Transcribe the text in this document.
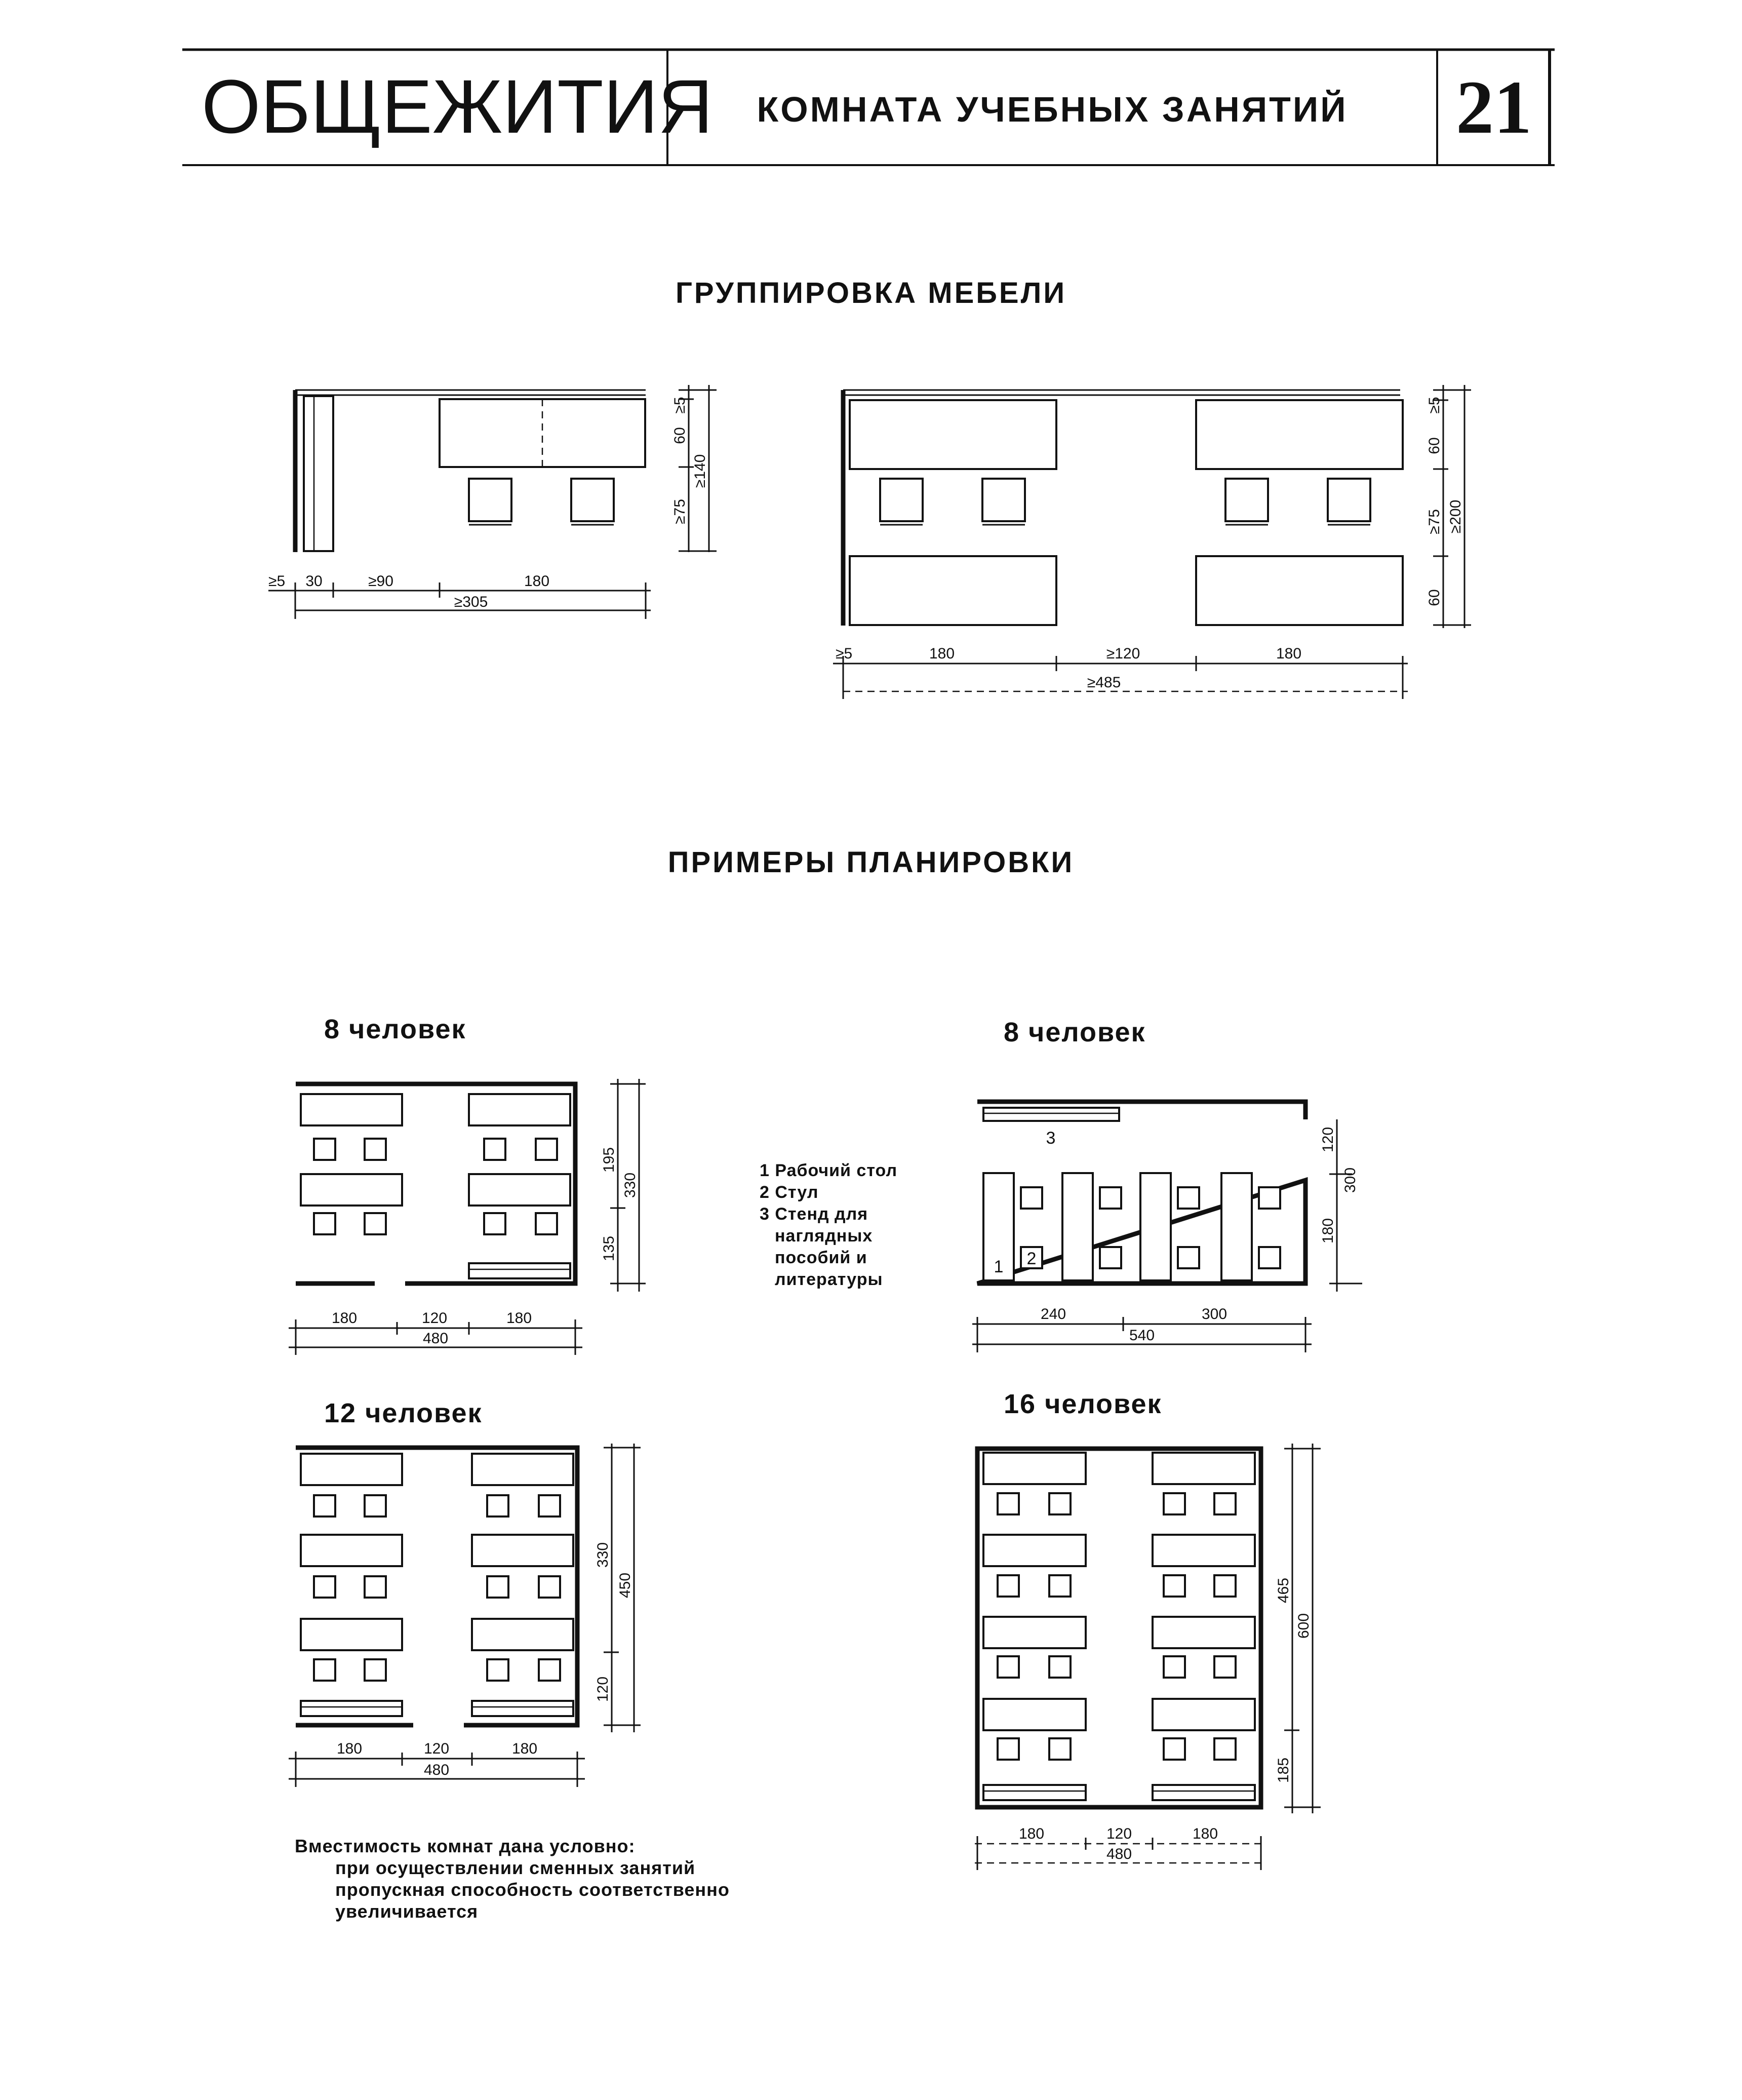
ОБЩЕЖИТИЯ КОМНАТА УЧЕБНЫХ ЗАНЯТИЙ 21
ГРУППИРОВКА МЕБЕЛИ
ПРИМЕРЫ ПЛАНИРОВКИ
≥5 30	≥90	180
≥305
≥5
60
≥75
≥140
≥5	180	≥120	180
≥485
≥5
60
≥75
60
≥200
8 человек
180	120	180
480
195
135
330
1 Рабочий стол
2 Стул
3 Стенд для
наглядных
пособий и
литературы
8 человек
3
1 2
240	300
540
120
300
180
12 человек
180	120	180
480
330
120
450
16 человек
180	120	180
480
465
185
600
Вместимость комнат дана условно:
при осуществлении сменных занятий
пропускная способность соответственно
увеличивается
